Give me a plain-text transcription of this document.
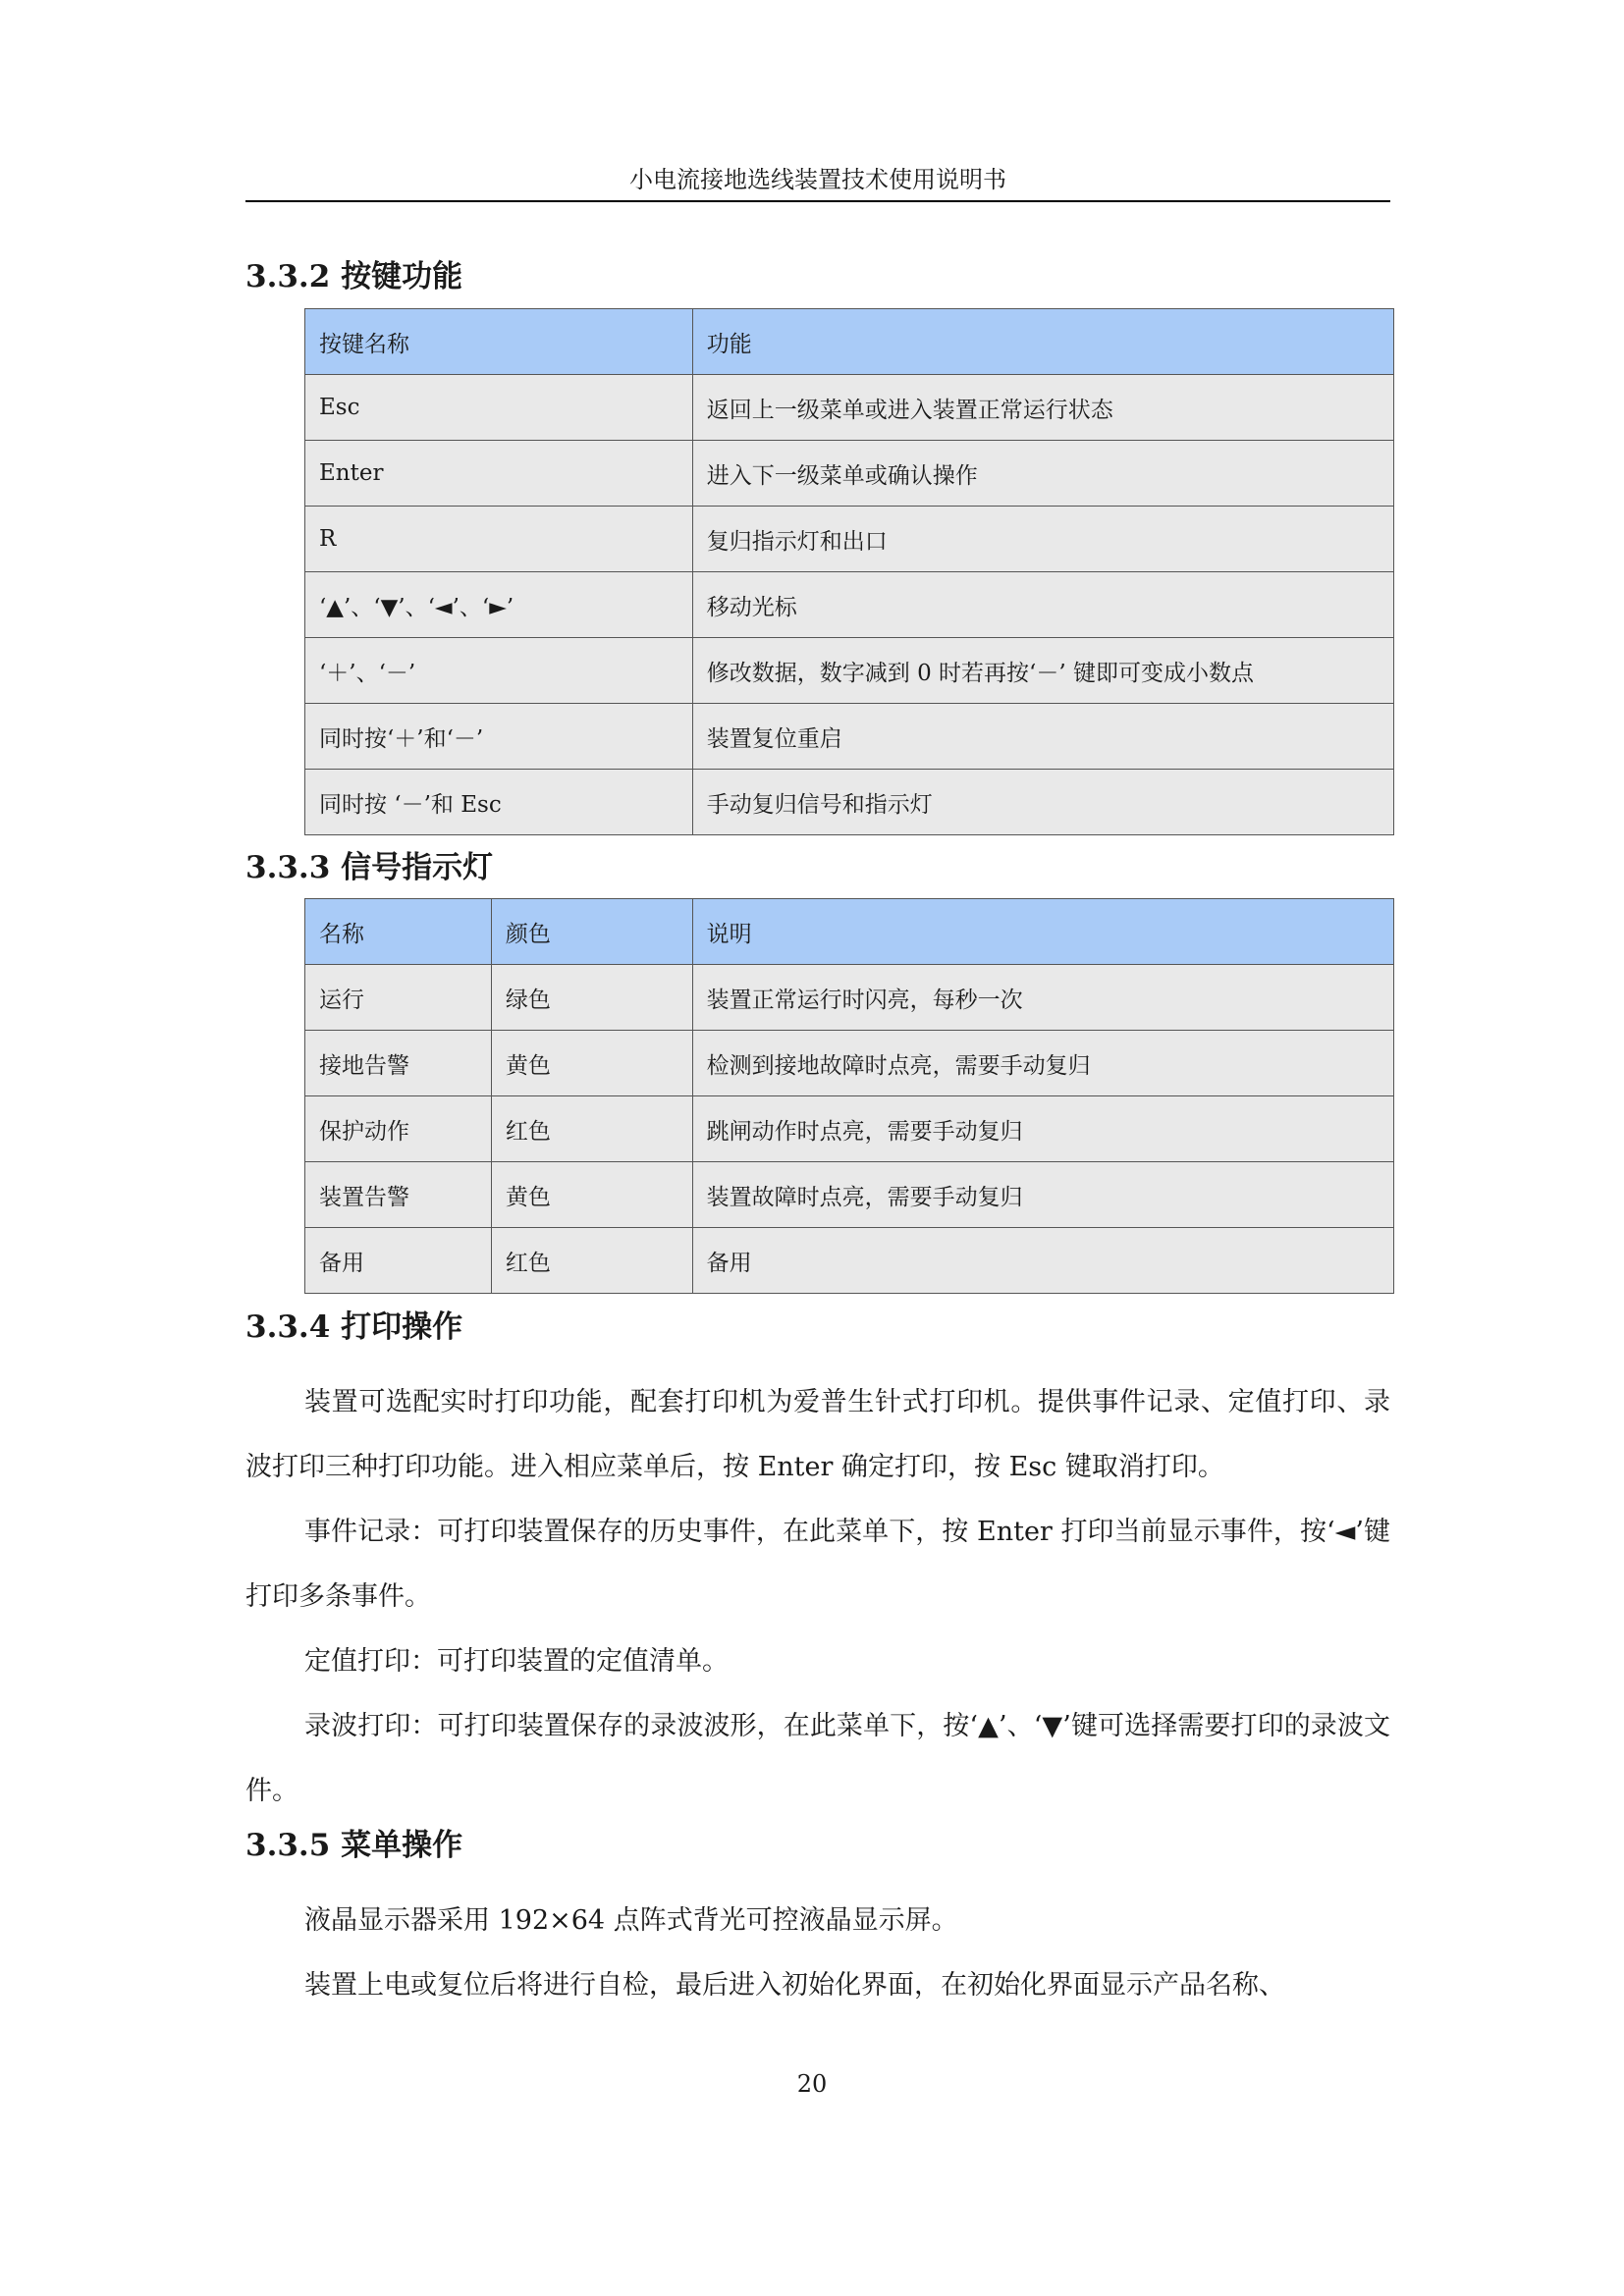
小电流接地选线装置技术使用说明书
3.3.2 按键功能
按键名称	功能
Esc	返回上一级菜单或进入装置正常运行状态
Enter	进入下一级菜单或确认操作
R	复归指示灯和出口
‘▲’、‘▼’、‘◄’、‘►’	移动光标
‘＋’、‘－’	修改数据，数字减到 0 时若再按‘－’ 键即可变成小数点
同时按‘＋’和‘－’	装置复位重启
同时按 ‘－’和 Esc	手动复归信号和指示灯
3.3.3 信号指示灯
名称	颜色	说明
运行	绿色	装置正常运行时闪亮，每秒一次
接地告警	黄色	检测到接地故障时点亮，需要手动复归
保护动作	红色	跳闸动作时点亮，需要手动复归
装置告警	黄色	装置故障时点亮，需要手动复归
备用	红色	备用
3.3.4 打印操作

装置可选配实时打印功能，配套打印机为爱普生针式打印机。提供事件记录、定值打印、录波打印三种打印功能。进入相应菜单后，按 Enter 确定打印，按 Esc 键取消打印。

事件记录：可打印装置保存的历史事件，在此菜单下，按 Enter 打印当前显示事件，按‘◄’键打印多条事件。

定值打印：可打印装置的定值清单。

录波打印：可打印装置保存的录波波形，在此菜单下，按‘▲’、‘▼’键可选择需要打印的录波文件。

3.3.5 菜单操作

液晶显示器采用 192×64 点阵式背光可控液晶显示屏。

装置上电或复位后将进行自检，最后进入初始化界面，在初始化界面显示产品名称、

20
